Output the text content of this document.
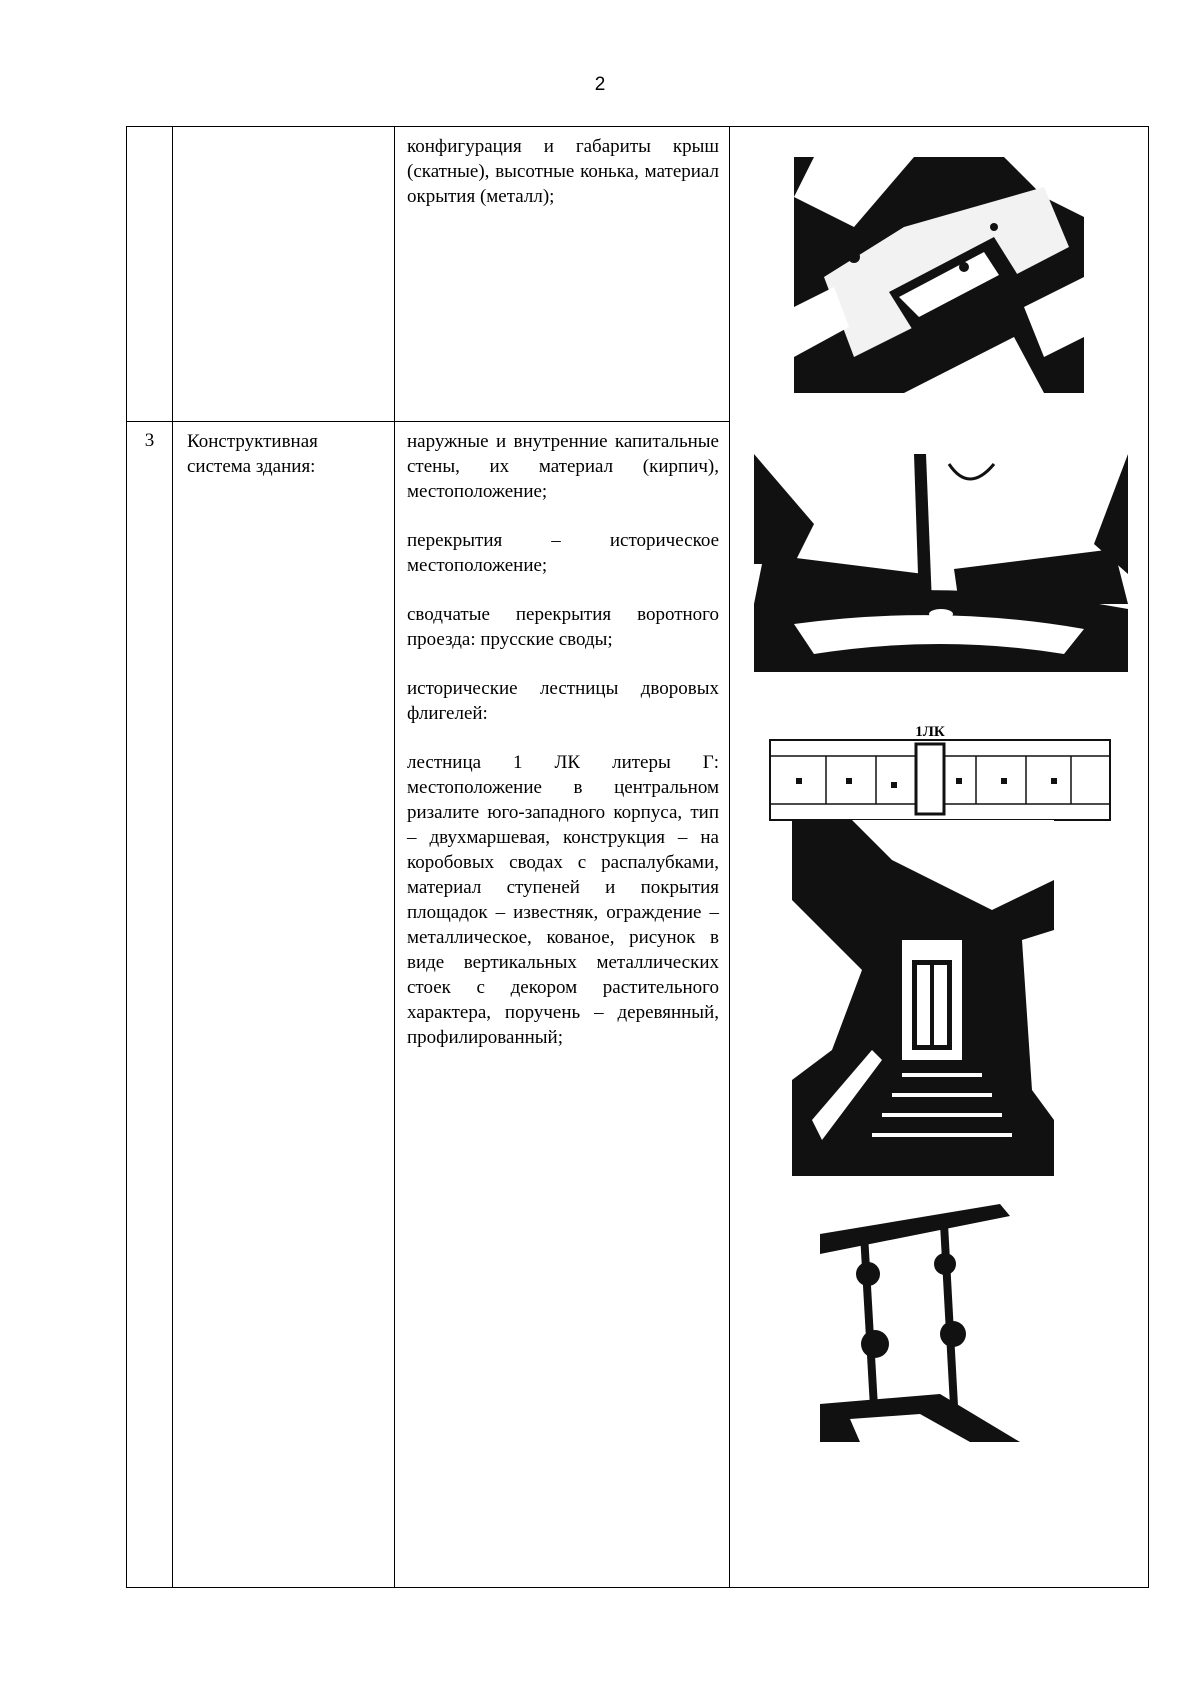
2

		конфигурация и габариты крыш (скатные), высотные конька, материал окрытия (металл);	1ЛК

3	Конструктивная система здания:	наружные и внутренние капитальные стены, их материал (кирпич), местоположение;

перекрытия – историческое местоположение;

сводчатые перекрытия воротного проезда: прусские своды;

исторические лестницы дворовых флигелей:

лестница 1 ЛК литеры Г: местоположение в центральном ризалите юго-западного корпуса, тип – двухмаршевая, конструкция – на коробовых сводах с распалубками, материал ступеней и покрытия площадок – известняк, ограждение – металлическое, кованое, рисунок в виде вертикальных металлических стоек с декором растительного характера, поручень – деревянный, профилированный;	
